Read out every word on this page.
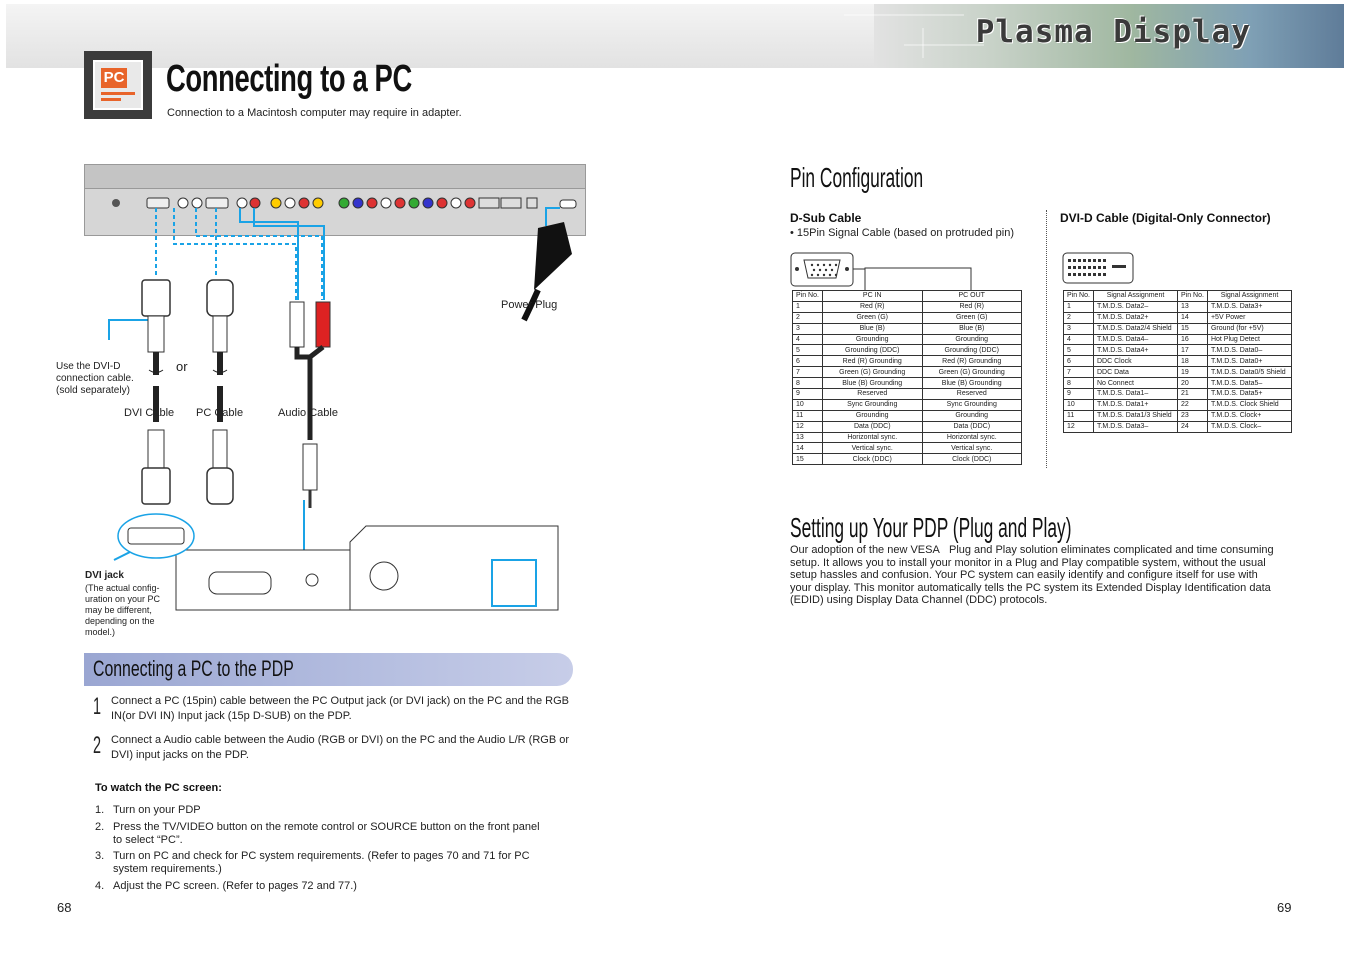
Plasma Display
PC Connecting to a PC
Connection to a Macintosh computer may require in adapter.
Power Plug
Use the DVI-D
connection cable.
(sold separately)
or
DVI Cable PC Cable	Audio Cable
DVI jack
(The actual config-
uration on your PC
may be different,
depending on the
model.)
Connecting a PC to the PDP
1 Connect a PC (15pin) cable between the PC Output jack (or DVI jack) on the PC and the RGB IN(or DVI IN) Input jack (15p D-SUB) on the PDP.
2 Connect a Audio cable between the Audio (RGB or DVI) on the PC and the Audio L/R (RGB or DVI) input jacks on the PDP.
To watch the PC screen:
1. Turn on your PDP
2. Press the TV/VIDEO button on the remote control or SOURCE button on the front panel
to select “PC”.
3. Turn on PC and check for PC system requirements. (Refer to pages 70 and 71 for PC
system requirements.)
4. Adjust the PC screen. (Refer to pages 72 and 77.)
68	69
Pin Configuration
D-Sub Cable
• 15Pin Signal Cable (based on protruded pin)
DVI-D Cable (Digital-Only Connector)
Pin No.	PC IN	PC OUT
1	Red (R)	Red (R)
2	Green (G)	Green (G)
3	Blue (B)	Blue (B)
4	Grounding	Grounding
5	Grounding (DDC)	Grounding (DDC)
6	Red (R) Grounding	Red (R) Grounding
7	Green (G) Grounding	Green (G) Grounding
8	Blue (B) Grounding	Blue (B) Grounding
9	Reserved	Reserved
10	Sync Grounding	Sync Grounding
11	Grounding	Grounding
12	Data (DDC)	Data (DDC)
13	Horizontal sync.	Horizontal sync.
14	Vertical sync.	Vertical sync.
15	Clock (DDC)	Clock (DDC)
Pin No.	Signal Assignment	Pin No.	Signal Assignment
1	T.M.D.S. Data2–	13	T.M.D.S. Data3+
2	T.M.D.S. Data2+	14	+5V Power
3	T.M.D.S. Data2/4 Shield	15	Ground (for +5V)
4	T.M.D.S. Data4–	16	Hot Plug Detect
5	T.M.D.S. Data4+	17	T.M.D.S. Data0–
6	DDC Clock	18	T.M.D.S. Data0+
7	DDC Data	19	T.M.D.S. Data0/5 Shield
8	No Connect	20	T.M.D.S. Data5–
9	T.M.D.S. Data1–	21	T.M.D.S. Data5+
10	T.M.D.S. Data1+	22	T.M.D.S. Clock Shield
11	T.M.D.S. Data1/3 Shield	23	T.M.D.S. Clock+
12	T.M.D.S. Data3–	24	T.M.D.S. Clock–
Setting up Your PDP (Plug and Play)
Our adoption of the new VESA   Plug and Play solution eliminates complicated and time consuming setup. It allows you to install your monitor in a Plug and Play compatible system, without the usual setup hassles and confusion. Your PC system can easily identify and configure itself for use with your display. This monitor automatically tells the PC system its Extended Display Identification data (EDID) using Display Data Channel (DDC) protocols.
